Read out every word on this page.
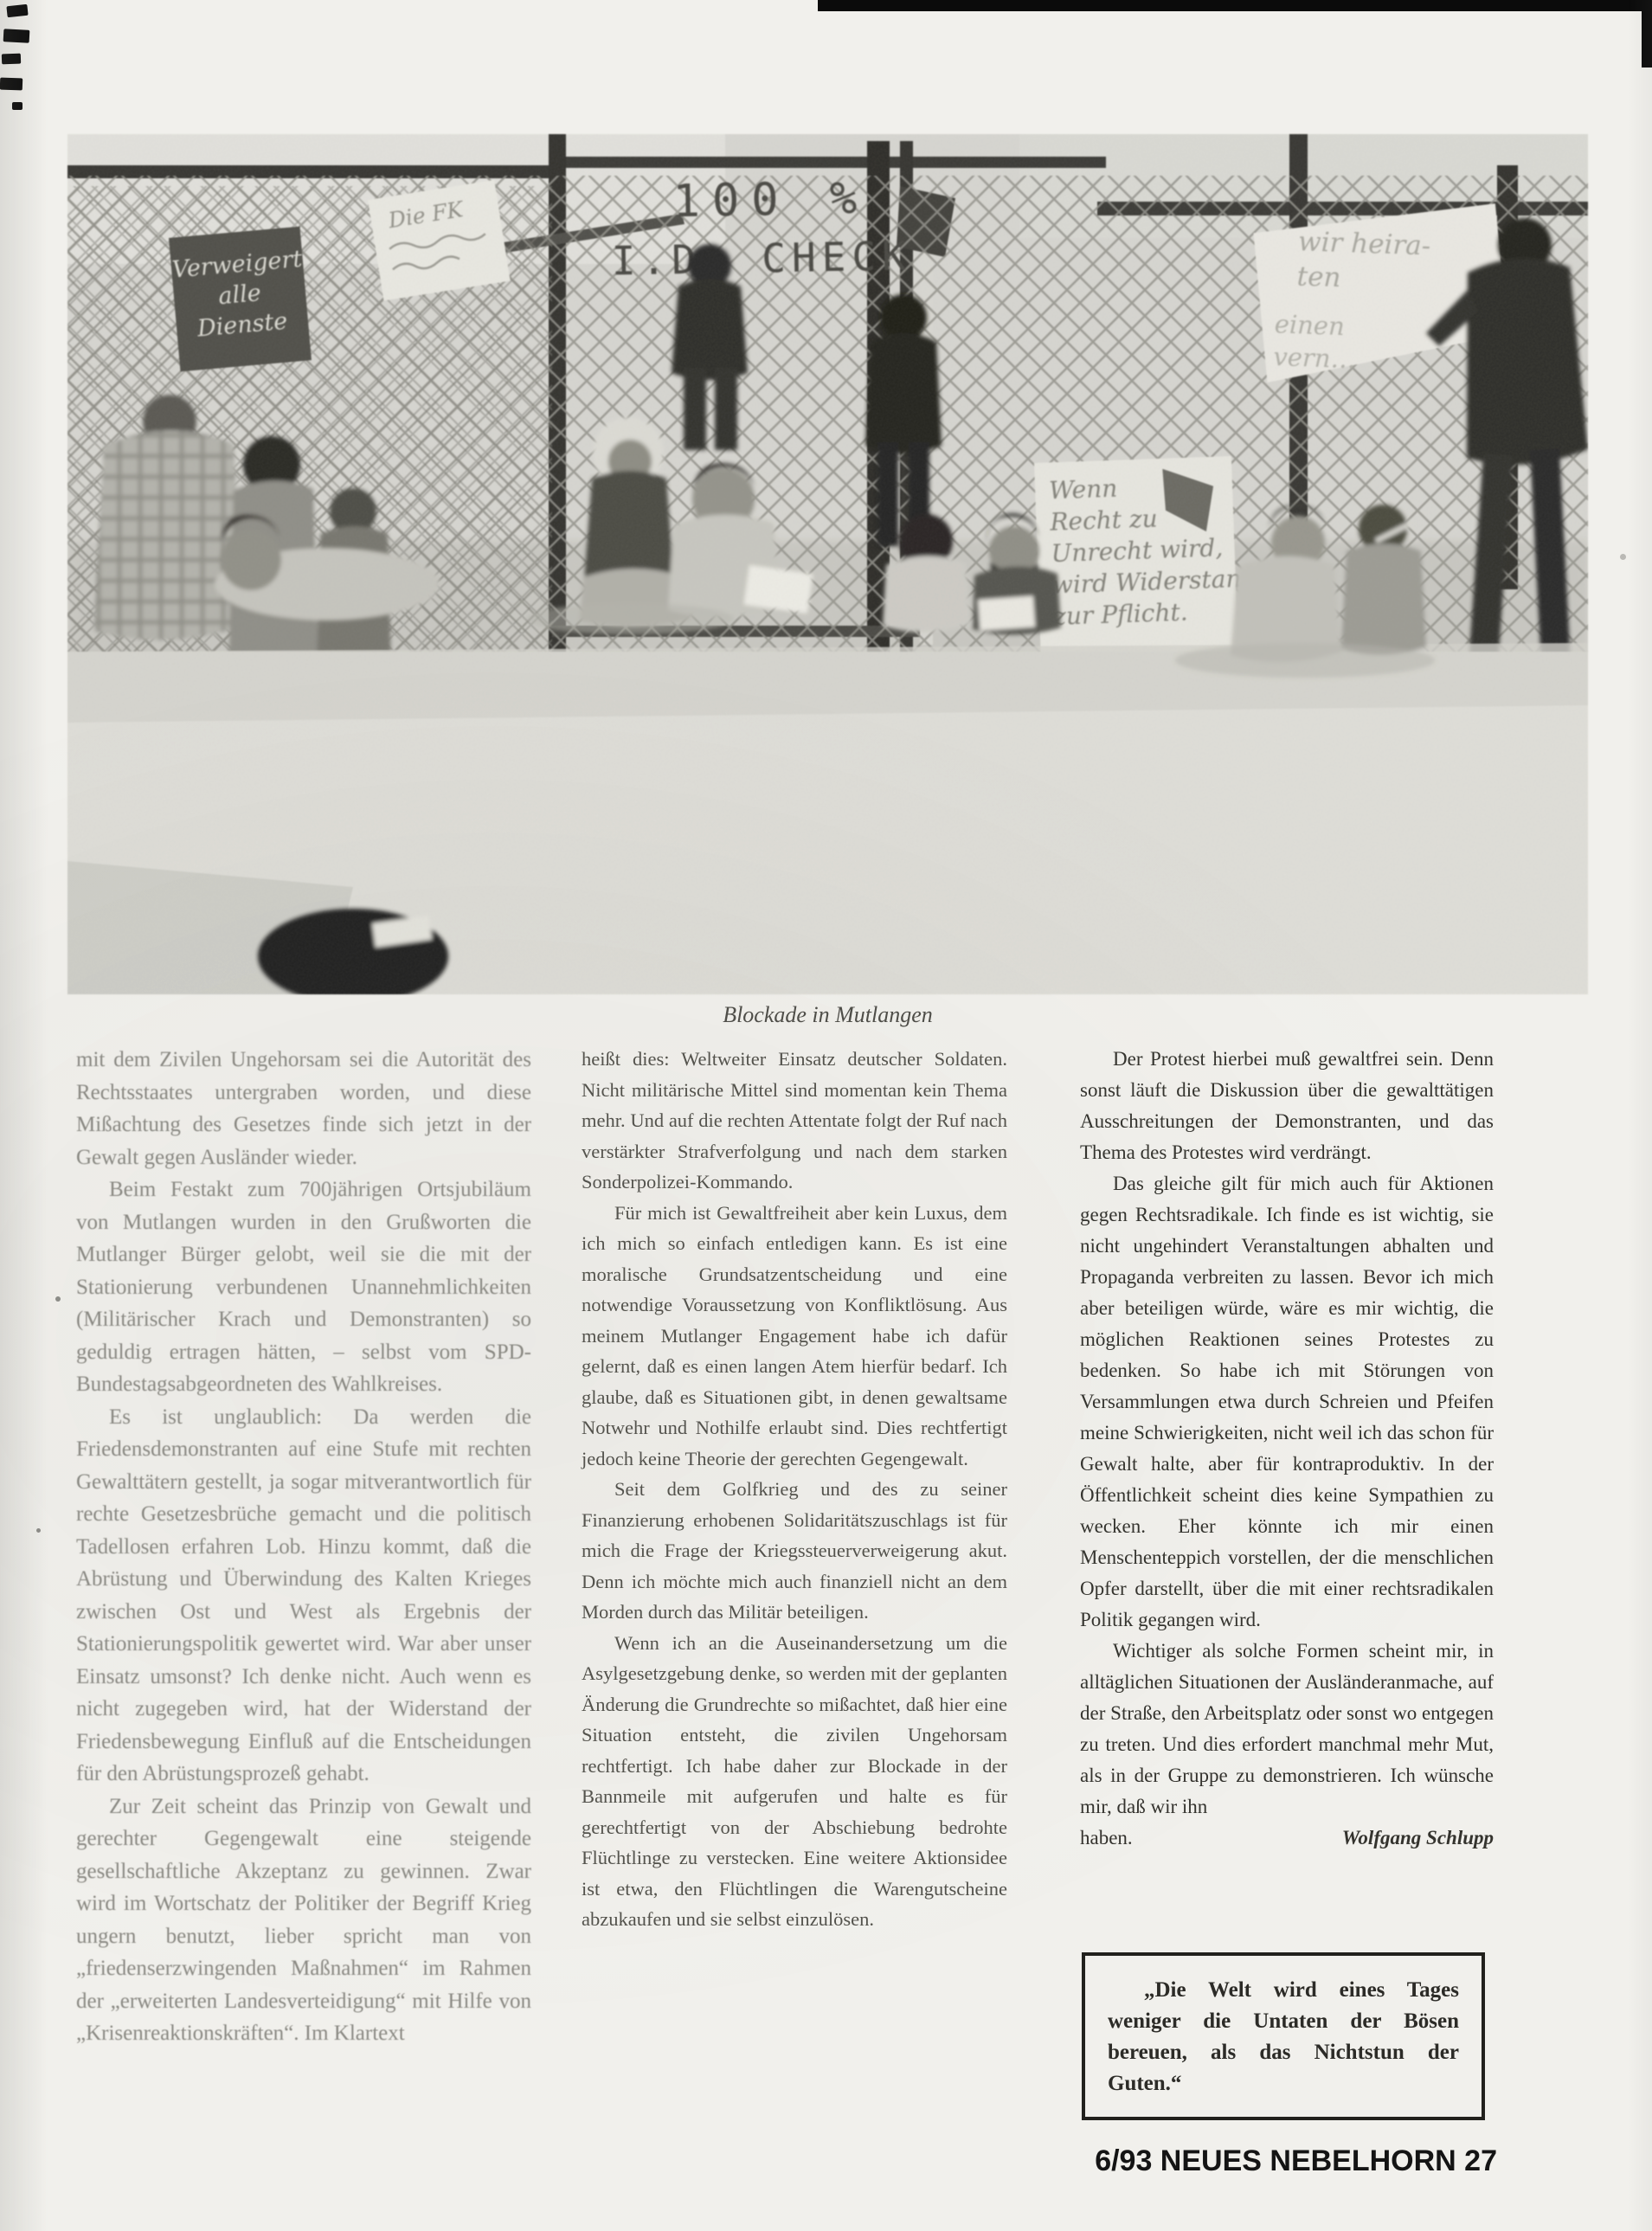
Blockade in Mutlangen

mit dem Zivilen Ungehorsam sei die Autorität des Rechtsstaates untergraben worden, und diese Mißachtung des Gesetzes finde sich jetzt in der Gewalt gegen Ausländer wieder.

Beim Festakt zum 700jährigen Ortsjubiläum von Mutlangen wurden in den Grußworten die Mutlanger Bürger gelobt, weil sie die mit der Stationierung verbundenen Unannehmlichkeiten (Militärischer Krach und Demonstranten) so geduldig ertragen hätten, – selbst vom SPD-Bundestagsabgeordneten des Wahlkreises.

Es ist unglaublich: Da werden die Friedensdemonstranten auf eine Stufe mit rechten Gewalttätern gestellt, ja sogar mitverantwortlich für rechte Gesetzesbrüche gemacht und die politisch Tadellosen erfahren Lob. Hinzu kommt, daß die Abrüstung und Überwindung des Kalten Krieges zwischen Ost und West als Ergebnis der Stationierungspolitik gewertet wird. War aber unser Einsatz umsonst? Ich denke nicht. Auch wenn es nicht zugegeben wird, hat der Widerstand der Friedensbewegung Einfluß auf die Entscheidungen für den Abrüstungsprozeß gehabt.

Zur Zeit scheint das Prinzip von Gewalt und gerechter Gegengewalt eine steigende gesellschaftliche Akzeptanz zu gewinnen. Zwar wird im Wortschatz der Politiker der Begriff Krieg ungern benutzt, lieber spricht man von „friedenserzwingenden Maßnahmen“ im Rahmen der „erweiterten Landesverteidigung“ mit Hilfe von „Krisenreaktionskräften“. Im Klartext

heißt dies: Weltweiter Einsatz deutscher Soldaten. Nicht militärische Mittel sind momentan kein Thema mehr. Und auf die rechten Attentate folgt der Ruf nach verstärkter Strafverfolgung und nach dem starken Sonderpolizei-Kommando.

Für mich ist Gewaltfreiheit aber kein Luxus, dem ich mich so einfach entledigen kann. Es ist eine moralische Grundsatzentscheidung und eine notwendige Voraussetzung von Konfliktlösung. Aus meinem Mutlanger Engagement habe ich dafür gelernt, daß es einen langen Atem hierfür bedarf. Ich glaube, daß es Situationen gibt, in denen gewaltsame Notwehr und Nothilfe erlaubt sind. Dies rechtfertigt jedoch keine Theorie der gerechten Gegengewalt.

Seit dem Golfkrieg und des zu seiner Finanzierung erhobenen Solidaritätszuschlags ist für mich die Frage der Kriegssteuerverweigerung akut. Denn ich möchte mich auch finanziell nicht an dem Morden durch das Militär beteiligen.

Wenn ich an die Auseinandersetzung um die Asylgesetzgebung denke, so werden mit der geplanten Änderung die Grundrechte so mißachtet, daß hier eine Situation entsteht, die zivilen Ungehorsam rechtfertigt. Ich habe daher zur Blockade in der Bannmeile mit aufgerufen und halte es für gerechtfertigt von der Abschiebung bedrohte Flüchtlinge zu verstecken. Eine weitere Aktionsidee ist etwa, den Flüchtlingen die Warengutscheine abzukaufen und sie selbst einzulösen.

Der Protest hierbei muß gewaltfrei sein. Denn sonst läuft die Diskussion über die gewalttätigen Ausschreitungen der Demonstranten, und das Thema des Protestes wird verdrängt.

Das gleiche gilt für mich auch für Aktionen gegen Rechtsradikale. Ich finde es ist wichtig, sie nicht ungehindert Veranstaltungen abhalten und Propaganda verbreiten zu lassen. Bevor ich mich aber beteiligen würde, wäre es mir wichtig, die möglichen Reaktionen seines Protestes zu bedenken. So habe ich mit Störungen von Versammlungen etwa durch Schreien und Pfeifen meine Schwierigkeiten, nicht weil ich das schon für Gewalt halte, aber für kontraproduktiv. In der Öffentlichkeit scheint dies keine Sympathien zu wecken. Eher könnte ich mir einen Menschenteppich vorstellen, der die menschlichen Opfer darstellt, über die mit einer rechtsradikalen Politik gegangen wird.

Wichtiger als solche Formen scheint mir, in alltäglichen Situationen der Ausländeranmache, auf der Straße, den Arbeitsplatz oder sonst wo entgegen zu treten. Und dies erfordert manchmal mehr Mut, als in der Gruppe zu demonstrieren. Ich wünsche mir, daß wir ihn

haben.	Wolfgang Schlupp

„Die Welt wird eines Tages weniger die Untaten der Bösen bereuen, als das Nichtstun der Guten.“

6/93 NEUES NEBELHORN 27
